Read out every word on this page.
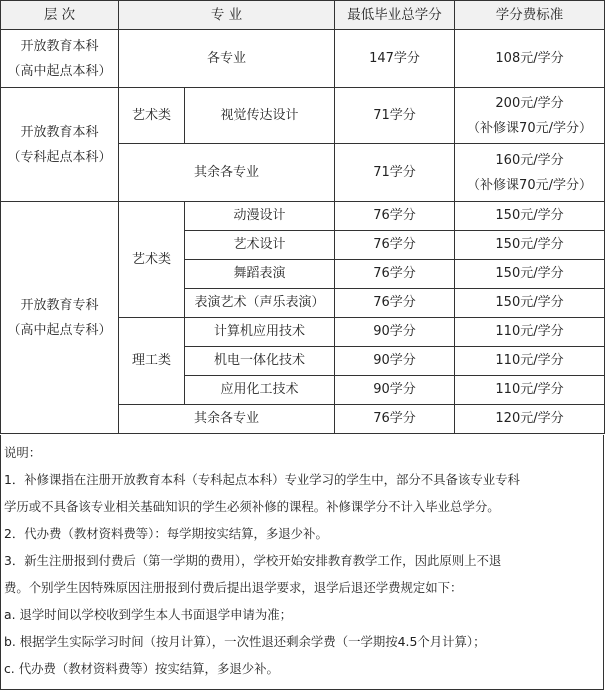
层 次	专 业		最低毕业总学分	学分费标准

开放教育本科
（高中起点本科）	各专业		147学分	108元/学分

开放教育本科
（专科起点本科）	艺术类	视觉传达设计	71学分	200元/学分
（补修课70元/学分）

	其余各专业		71学分	160元/学分
（补修课70元/学分）

开放教育专科
（高中起点专科）	艺术类	动漫设计	76学分	150元/学分
		艺术设计	76学分	150元/学分
		舞蹈表演	76学分	150元/学分
		表演艺术（声乐表演）	76学分	150元/学分
	理工类	计算机应用技术	90学分	110元/学分
		机电一体化技术	90学分	110元/学分
		应用化工技术	90学分	110元/学分
	其余各专业		76学分	120元/学分

说明：

1．补修课指在注册开放教育本科（专科起点本科）专业学习的学生中，部分不具备该专业专科
学历或不具备该专业相关基础知识的学生必须补修的课程。补修课学分不计入毕业总学分。

2．代办费（教材资料费等）：每学期按实结算，多退少补。

3．新生注册报到付费后（第一学期的费用），学校开始安排教育教学工作，因此原则上不退
费。个别学生因特殊原因注册报到付费后提出退学要求，退学后退还学费规定如下：

a. 退学时间以学校收到学生本人书面退学申请为准；

b. 根据学生实际学习时间（按月计算），一次性退还剩余学费（一学期按4.5个月计算）；

c. 代办费（教材资料费等）按实结算，多退少补。
